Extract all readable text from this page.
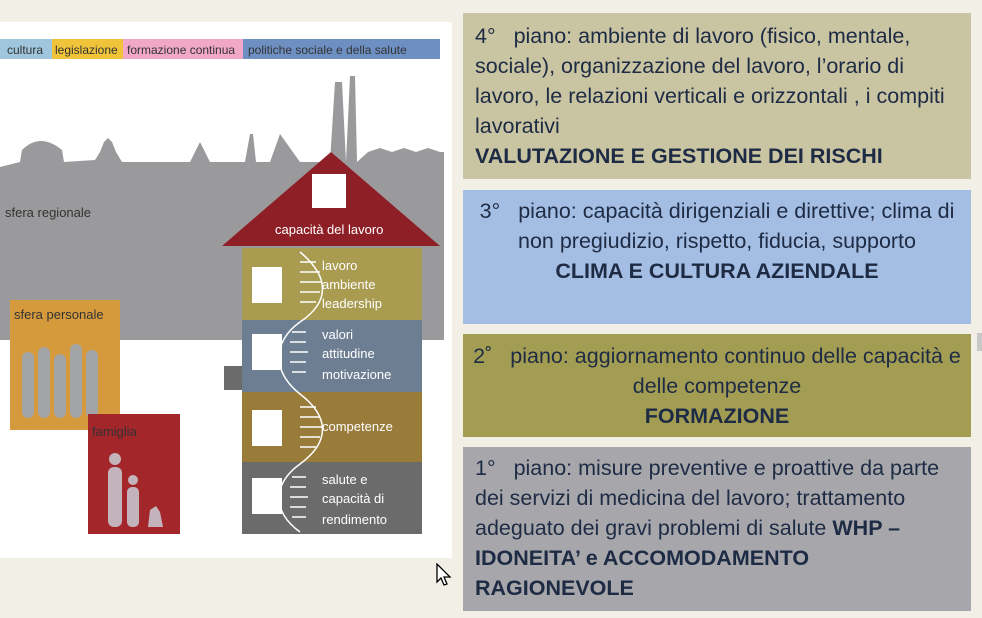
cultura legislazione formazione continua politiche sociale e della salute
sfera regionale
sfera personale
famiglia
capacità del lavoro
lavoro
ambiente
leadership
valori
attitudine
motivazione
competenze
salute e
capacità di
rendimento
4° piano: ambiente di lavoro (fisico, mentale, sociale), organizzazione del lavoro, l’orario di lavoro, le relazioni verticali e orizzontali , i compiti lavorativi
VALUTAZIONE E GESTIONE DEI RISCHI
3° piano: capacità dirigenziali e direttive; clima di non pregiudizio, rispetto, fiducia, supporto
CLIMA E CULTURA AZIENDALE
2˚ piano: aggiornamento continuo delle capacità e delle competenze
FORMAZIONE
1° piano: misure preventive e proattive da parte dei servizi di medicina del lavoro; trattamento adeguato dei gravi problemi di salute WHP – IDONEITA’ e ACCOMODAMENTO RAGIONEVOLE
